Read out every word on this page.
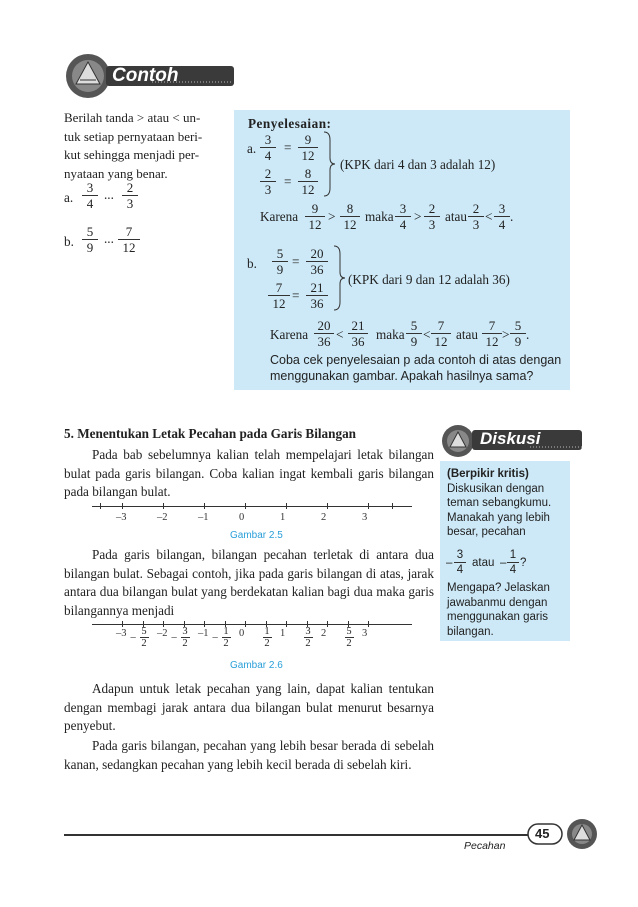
Contoh
Berilah tanda > atau < un-
tuk setiap pernyataan beri-
kut sehingga menjadi per-
nyataan yang benar.
a. $\frac{3}{4}$ ... $\frac{2}{3}$
b. $\frac{5}{9}$ ... $\frac{7}{12}$
Penyelesaian:
a. $\frac{3}{4} = \frac{9}{12}$
$\frac{2}{3} = \frac{8}{12}$
(KPK dari 4 dan 3 adalah 12)
Karena $\frac{9}{12} > \frac{8}{12}$ maka $\frac{3}{4} > \frac{2}{3}$ atau $\frac{2}{3} < \frac{3}{4}$ .
b. $\frac{5}{9} = \frac{20}{36}$
$\frac{7}{12} = \frac{21}{36}$
(KPK dari 9 dan 12 adalah 36)
Karena $\frac{20}{36} < \frac{21}{36}$ maka $\frac{5}{9} < \frac{7}{12}$ atau $\frac{7}{12} > \frac{5}{9}$ .
Coba cek penyelesaian p ada contoh di atas dengan
menggunakan gambar. Apakah hasilnya sama?
5. Menentukan Letak Pecahan pada Garis Bilangan
Pada bab sebelumnya kalian telah mempelajari letak bilangan bulat pada garis bilangan. Coba kalian ingat kembali garis bilangan pada bilangan bulat.
–3	–2	–1	0	1	2	3
Gambar 2.5
Pada garis bilangan, bilangan pecahan terletak di antara dua bilangan bulat. Sebagai contoh, jika pada garis bilangan di atas, jarak antara dua bilangan bulat yang berdekatan kalian bagi dua maka garis bilangannya menjadi
–3	–2	–1	0	1	2	3
–
5
2
–
3
2
–
1
2
1
2
3
2
5
2
Gambar 2.6
Adapun untuk letak pecahan yang lain, dapat kalian tentukan dengan membagi jarak antara dua bilangan bulat menurut besarnya penyebut.
Pada garis bilangan, pecahan yang lebih besar berada di sebelah kanan, sedangkan pecahan yang lebih kecil berada di sebelah kiri.
Diskusi
(Berpikir kritis)
Diskusikan dengan
teman sebangkumu.
Manakah yang lebih
besar, pecahan
– $\frac{3}{4}$ atau – $\frac{1}{4}$ ?
Mengapa? Jelaskan
jawabanmu dengan
menggunakan garis
bilangan.
Pecahan
45
